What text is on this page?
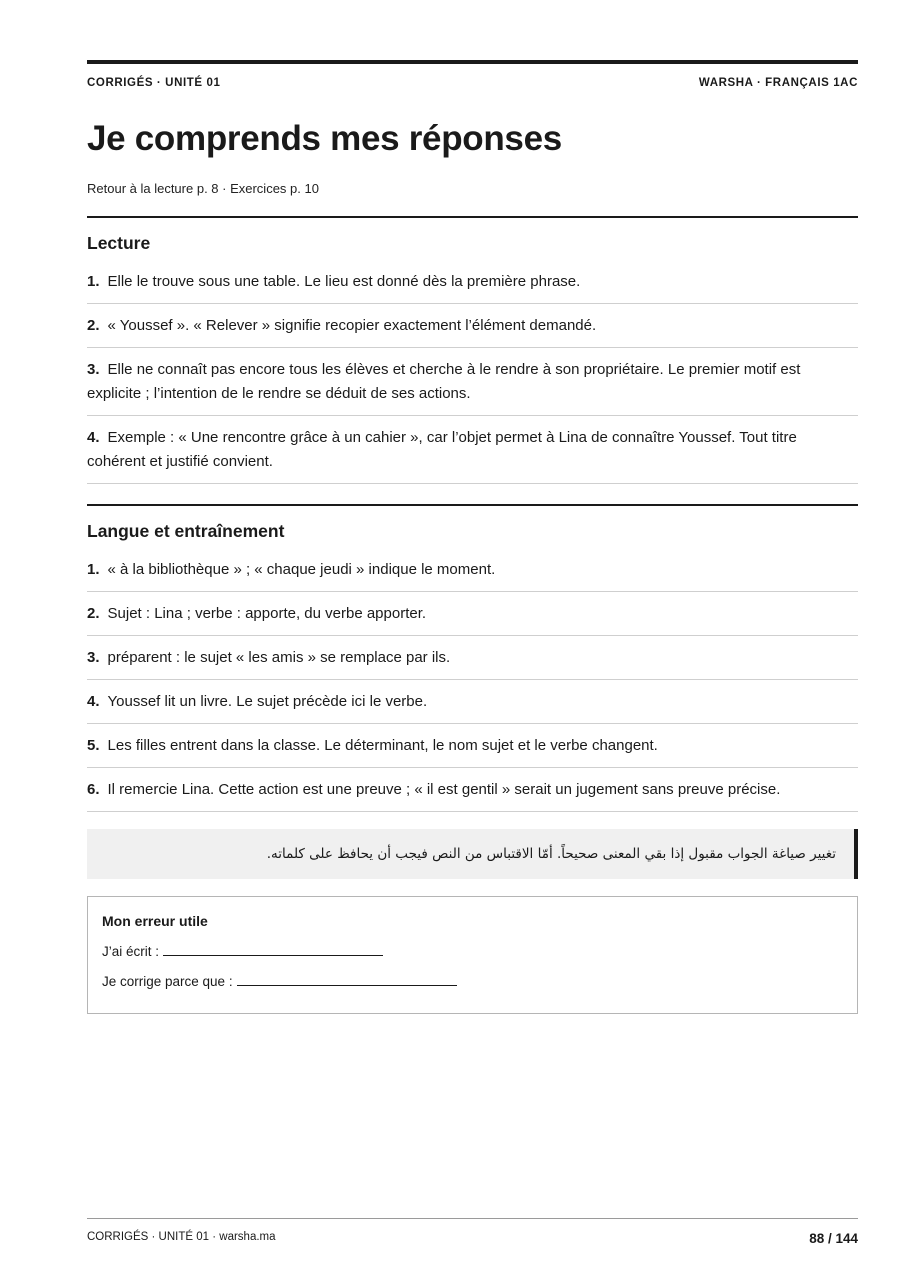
CORRIGÉS · UNITÉ 01	WARSHA · FRANÇAIS 1AC
Je comprends mes réponses
Retour à la lecture p. 8 · Exercices p. 10
Lecture
1. Elle le trouve sous une table. Le lieu est donné dès la première phrase.
2. « Youssef ». « Relever » signifie recopier exactement l’élément demandé.
3. Elle ne connaît pas encore tous les élèves et cherche à le rendre à son propriétaire. Le premier motif est explicite ; l’intention de le rendre se déduit de ses actions.
4. Exemple : « Une rencontre grâce à un cahier », car l’objet permet à Lina de connaître Youssef. Tout titre cohérent et justifié convient.
Langue et entraînement
1. « à la bibliothèque » ; « chaque jeudi » indique le moment.
2. Sujet : Lina ; verbe : apporte, du verbe apporter.
3. préparent : le sujet « les amis » se remplace par ils.
4. Youssef lit un livre. Le sujet précède ici le verbe.
5. Les filles entrent dans la classe. Le déterminant, le nom sujet et le verbe changent.
6. Il remercie Lina. Cette action est une preuve ; « il est gentil » serait un jugement sans preuve précise.
تغيير صياغة الجواب مقبول إذا بقي المعنى صحيحاً. أمّا الاقتباس من النص فيجب أن يحافظ على كلماته.
Mon erreur utile
J’ai écrit :
Je corrige parce que :
CORRIGÉS · UNITÉ 01 · warsha.ma	88 / 144
